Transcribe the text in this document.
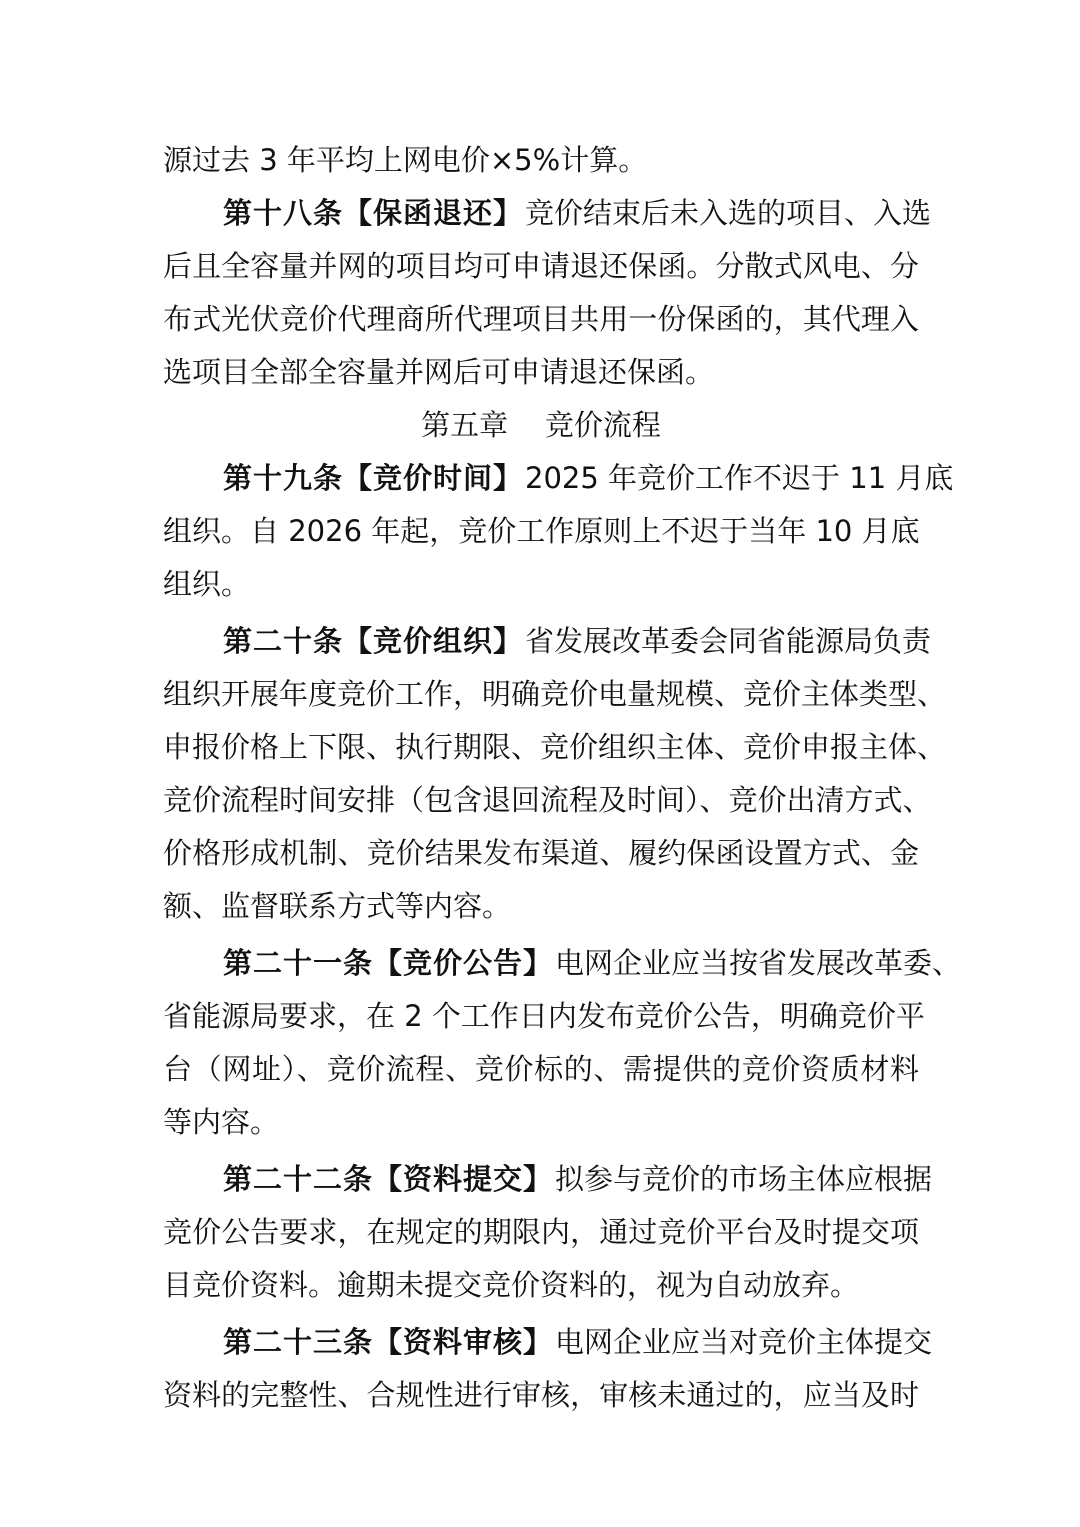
源过去 3 年平均上网电价×5%计算。
第十八条【保函退还】竞价结束后未入选的项目、入选
后且全容量并网的项目均可申请退还保函。分散式风电、分
布式光伏竞价代理商所代理项目共用一份保函的，其代理入
选项目全部全容量并网后可申请退还保函。
第五章    竞价流程
第十九条【竞价时间】2025 年竞价工作不迟于 11 月底
组织。自 2026 年起，竞价工作原则上不迟于当年 10 月底
组织。
第二十条【竞价组织】省发展改革委会同省能源局负责
组织开展年度竞价工作，明确竞价电量规模、竞价主体类型、
申报价格上下限、执行期限、竞价组织主体、竞价申报主体、
竞价流程时间安排（包含退回流程及时间）、竞价出清方式、
价格形成机制、竞价结果发布渠道、履约保函设置方式、金
额、监督联系方式等内容。
第二十一条【竞价公告】电网企业应当按省发展改革委、
省能源局要求，在 2 个工作日内发布竞价公告，明确竞价平
台（网址）、竞价流程、竞价标的、需提供的竞价资质材料
等内容。
第二十二条【资料提交】拟参与竞价的市场主体应根据
竞价公告要求，在规定的期限内，通过竞价平台及时提交项
目竞价资料。逾期未提交竞价资料的，视为自动放弃。
第二十三条【资料审核】电网企业应当对竞价主体提交
资料的完整性、合规性进行审核，审核未通过的，应当及时
